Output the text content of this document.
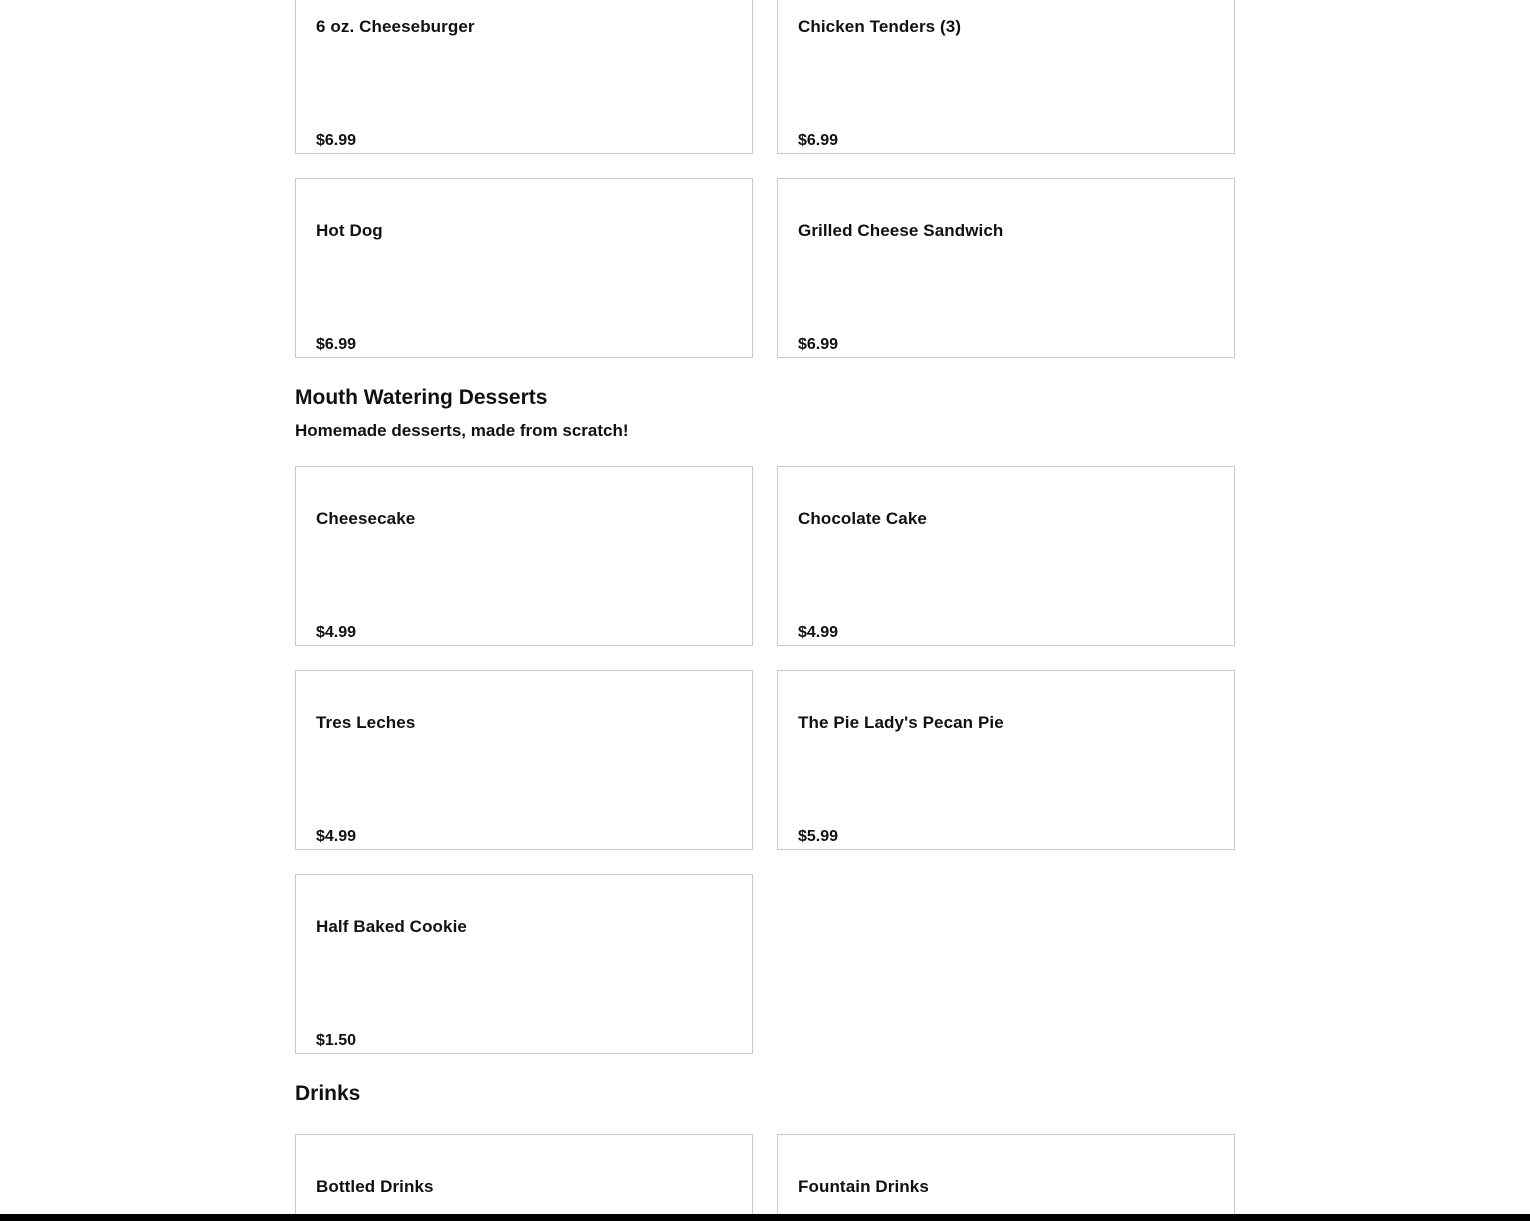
6 oz. Cheeseburger
$6.99
Chicken Tenders (3)
$6.99
Hot Dog
$6.99
Grilled Cheese Sandwich
$6.99
Mouth Watering Desserts

Homemade desserts, made from scratch!

Cheesecake
$4.99
Chocolate Cake
$4.99
Tres Leches
$4.99
The Pie Lady's Pecan Pie
$5.99
Half Baked Cookie
$1.50
Drinks
Bottled Drinks	Fountain Drinks
